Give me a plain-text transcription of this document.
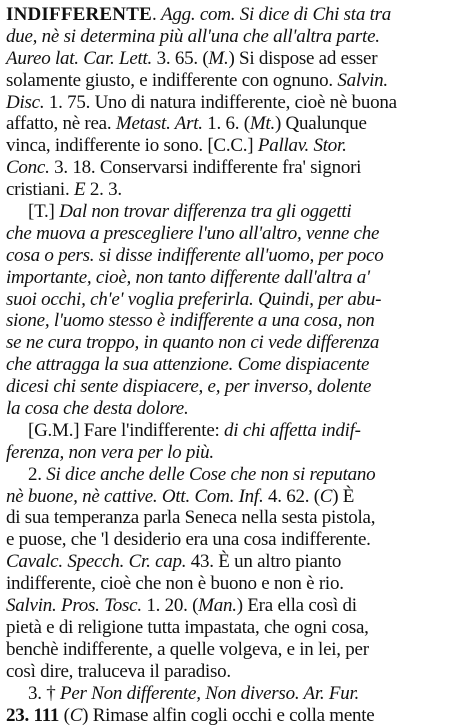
INDIFFERENTE. Agg. com. Si dice di Chi sta tra
due, nè si determina più all'una che all'altra parte.
Aureo lat. Car. Lett. 3. 65. (M.) Si dispose ad esser
solamente giusto, e indifferente con ognuno. Salvin.
Disc. 1. 75. Uno di natura indifferente, cioè nè buona
affatto, nè rea. Metast. Art. 1. 6. (Mt.) Qualunque
vinca, indifferente io sono. [C.C.] Pallav. Stor.
Conc. 3. 18. Conservarsi indifferente fra' signori
cristiani. E 2. 3.
[T.] Dal non trovar differenza tra gli oggetti
che muova a prescegliere l'uno all'altro, venne che
cosa o pers. si disse indifferente all'uomo, per poco
importante, cioè, non tanto differente dall'altra a'
suoi occhi, ch'e' voglia preferirla. Quindi, per abu-
sione, l'uomo stesso è indifferente a una cosa, non
se ne cura troppo, in quanto non ci vede differenza
che attragga la sua attenzione. Come dispiacente
dicesi chi sente dispiacere, e, per inverso, dolente
la cosa che desta dolore.
[G.M.] Fare l'indifferente: di chi affetta indif-
ferenza, non vera per lo più.
2. Si dice anche delle Cose che non si reputano
nè buone, nè cattive. Ott. Com. Inf. 4. 62. (C) È
di sua temperanza parla Seneca nella sesta pistola,
e puose, che 'l desiderio era una cosa indifferente.
Cavalc. Specch. Cr. cap. 43. È un altro pianto
indifferente, cioè che non è buono e non è rio.
Salvin. Pros. Tosc. 1. 20. (Man.) Era ella così di
pietà e di religione tutta impastata, che ogni cosa,
benchè indifferente, a quelle volgeva, e in lei, per
così dire, traluceva il paradiso.
3. † Per Non differente, Non diverso. Ar. Fur.
23. 111 (C) Rimase alfin cogli occhi e colla mente
